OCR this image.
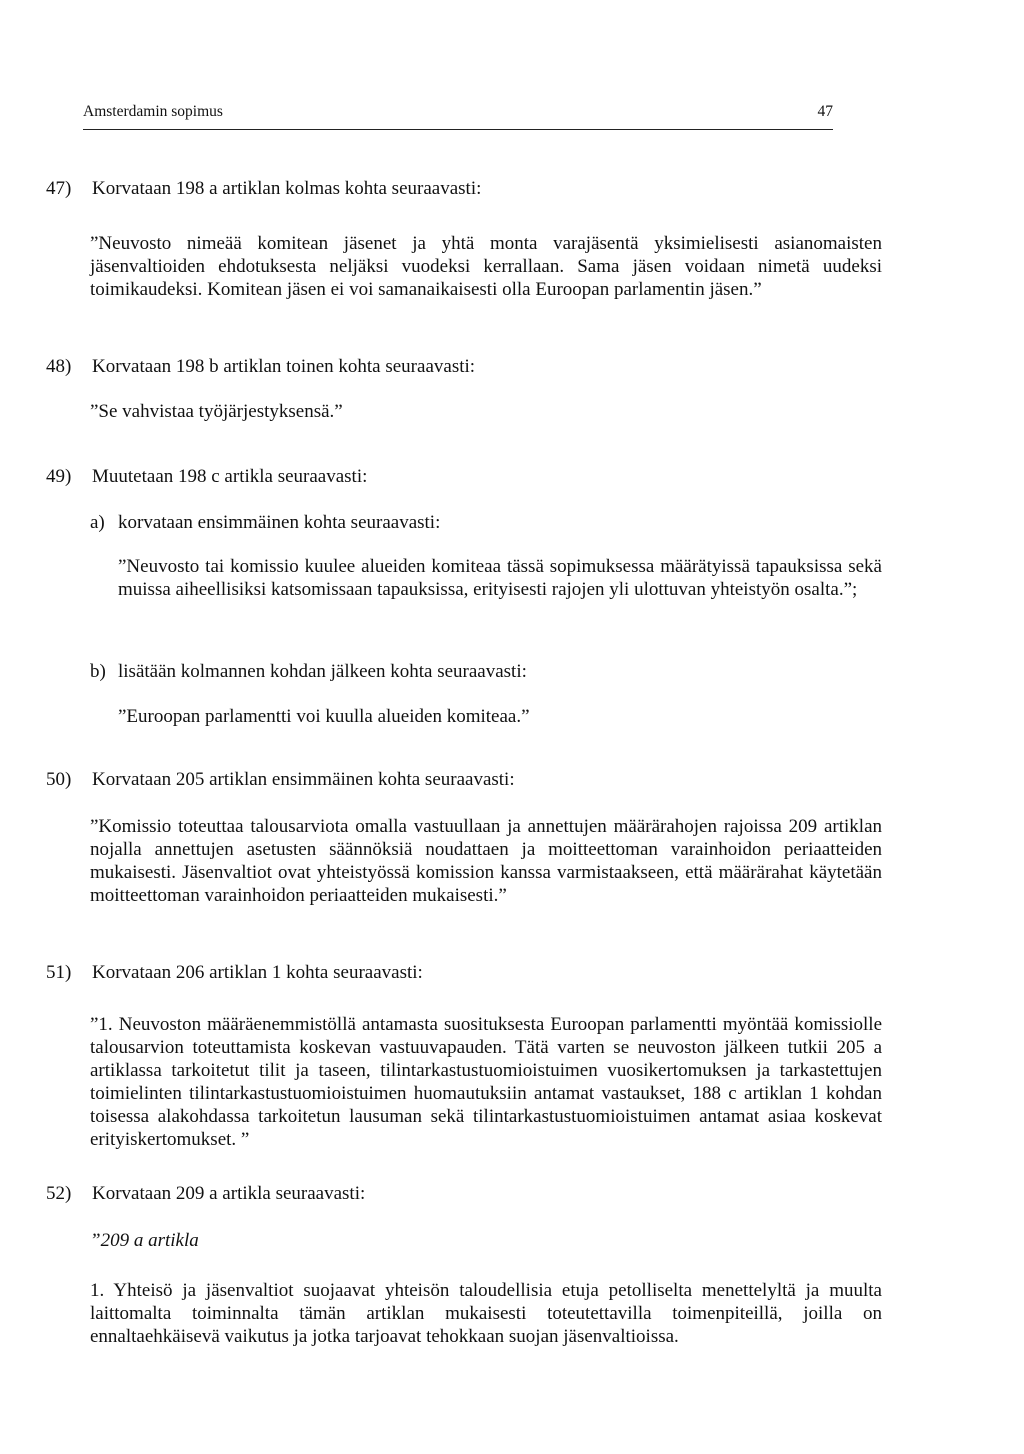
Amsterdamin sopimus	47
47) Korvataan 198 a artiklan kolmas kohta seuraavasti:
”Neuvosto nimeää komitean jäsenet ja yhtä monta varajäsentä yksimielisesti asianomaisten jäsenvaltioiden ehdotuksesta neljäksi vuodeksi kerrallaan. Sama jäsen voidaan nimetä uudeksi toimikaudeksi. Komitean jäsen ei voi samanaikaisesti olla Euroopan parlamentin jäsen.”
48) Korvataan 198 b artiklan toinen kohta seuraavasti:
”Se vahvistaa työjärjestyksensä.”
49) Muutetaan 198 c artikla seuraavasti:
a) korvataan ensimmäinen kohta seuraavasti:
”Neuvosto tai komissio kuulee alueiden komiteaa tässä sopimuksessa määrätyissä tapauksissa sekä muissa aiheellisiksi katsomissaan tapauksissa, erityisesti rajojen yli ulottuvan yhteistyön osalta.”;
b) lisätään kolmannen kohdan jälkeen kohta seuraavasti:
”Euroopan parlamentti voi kuulla alueiden komiteaa.”
50) Korvataan 205 artiklan ensimmäinen kohta seuraavasti:
”Komissio toteuttaa talousarviota omalla vastuullaan ja annettujen määrärahojen rajoissa 209 artiklan nojalla annettujen asetusten säännöksiä noudattaen ja moitteettoman varainhoidon periaatteiden mukaisesti. Jäsenvaltiot ovat yhteistyössä komission kanssa varmistaakseen, että määrärahat käytetään moitteettoman varainhoidon periaatteiden mukaisesti.”
51) Korvataan 206 artiklan 1 kohta seuraavasti:
”1. Neuvoston määräenemmistöllä antamasta suosituksesta Euroopan parlamentti myöntää komissiolle talousarvion toteuttamista koskevan vastuuvapauden. Tätä varten se neuvoston jälkeen tutkii 205 a artiklassa tarkoitetut tilit ja taseen, tilintarkastustuomioistuimen vuosikertomuksen ja tarkastettujen toimielinten tilintarkastustuomioistuimen huomautuksiin antamat vastaukset, 188 c artiklan 1 kohdan toisessa alakohdassa tarkoitetun lausuman sekä tilintarkastustuomioistuimen antamat asiaa koskevat erityiskertomukset. ”
52) Korvataan 209 a artikla seuraavasti:
”209 a artikla
1. Yhteisö ja jäsenvaltiot suojaavat yhteisön taloudellisia etuja petolliselta menettelyltä ja muulta laittomalta toiminnalta tämän artiklan mukaisesti toteutettavilla toimenpiteillä, joilla on ennaltaehkäisevä vaikutus ja jotka tarjoavat tehokkaan suojan jäsenvaltioissa.
